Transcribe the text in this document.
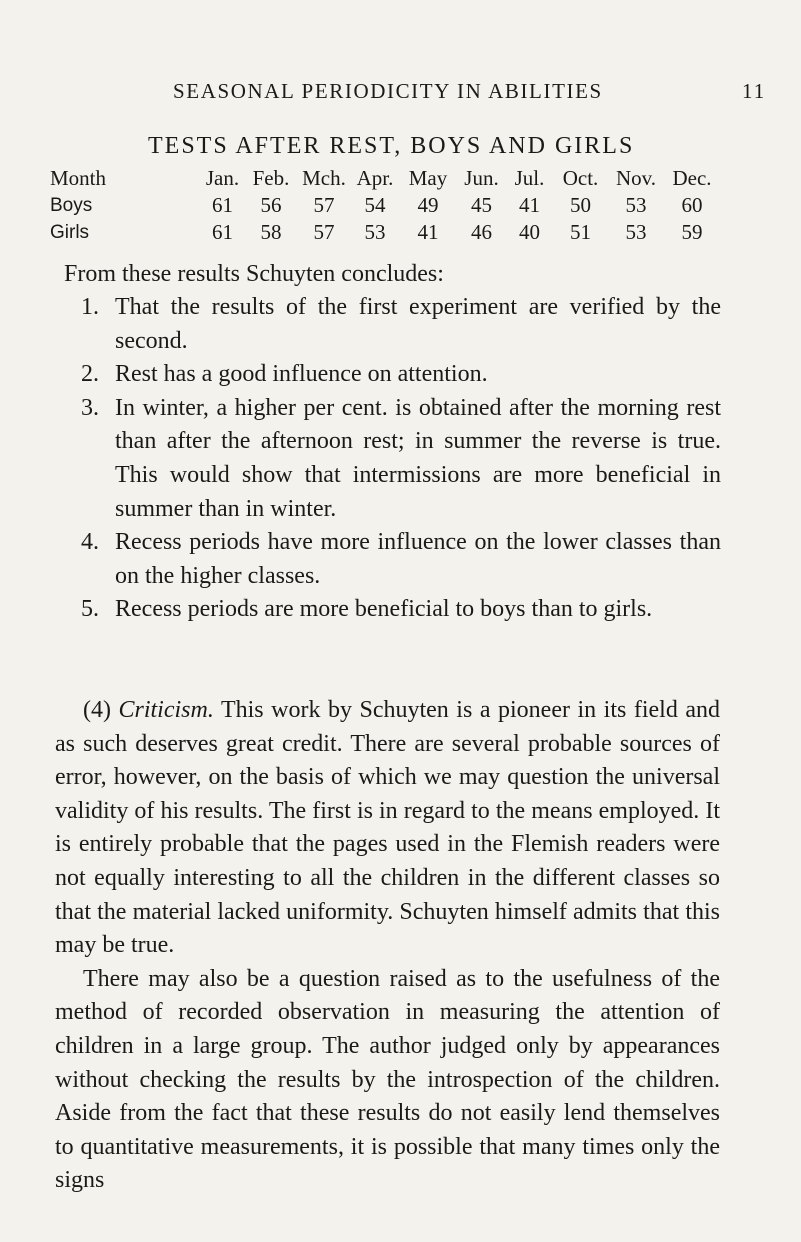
SEASONAL PERIODICITY IN ABILITIES	11
TESTS AFTER REST, BOYS AND GIRLS
Month	Jan.	Feb.	Mch.	Apr.	May	Jun.	Jul.	Oct.	Nov.	Dec.
Boys	61	56	57	54	49	45	41	50	53	60
Girls	61	58	57	53	41	46	40	51	53	59

From these results Schuyten concludes:

1. That the results of the first experiment are verified by the second.
2. Rest has a good influence on attention.
3. In winter, a higher per cent. is obtained after the morning rest than after the afternoon rest; in summer the reverse is true. This would show that intermissions are more beneficial in summer than in winter.
4. Recess periods have more influence on the lower classes than on the higher classes.
5. Recess periods are more beneficial to boys than to girls.

(4) Criticism. This work by Schuyten is a pioneer in its field and as such deserves great credit. There are several probable sources of error, however, on the basis of which we may question the universal validity of his results. The first is in regard to the means employed. It is entirely probable that the pages used in the Flemish readers were not equally interesting to all the children in the different classes so that the material lacked uniformity. Schuyten himself admits that this may be true.

There may also be a question raised as to the usefulness of the method of recorded observation in measuring the attention of children in a large group. The author judged only by appearances without checking the results by the introspection of the children. Aside from the fact that these results do not easily lend themselves to quantitative measurements, it is possible that many times only the signs
